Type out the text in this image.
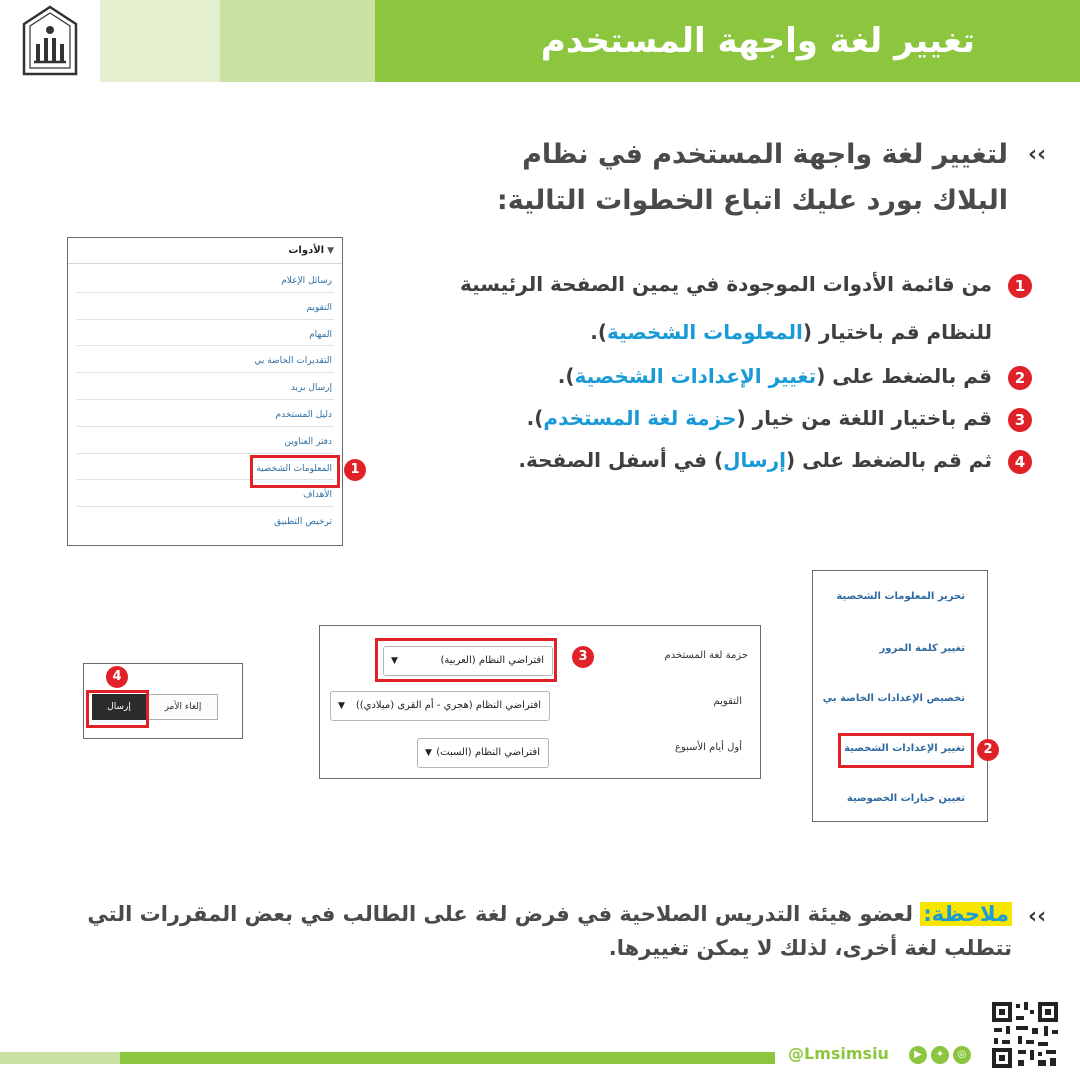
تغيير لغة واجهة المستخدم
‹‹
لتغيير لغة واجهة المستخدم في نظام
البلاك بورد عليك اتباع الخطوات التالية:
1
من قائمة الأدوات الموجودة في يمين الصفحة الرئيسية
للنظام قم باختيار (المعلومات الشخصية).
2
قم بالضغط على (تغيير الإعدادات الشخصية).
3
قم باختيار اللغة من خيار (حزمة لغة المستخدم).
4
ثم قم بالضغط على (إرسال) في أسفل الصفحة.
▼الأدوات
رسائل الإعلام
التقويم
المهام
التقديرات الخاصة بي
إرسال بريد
دليل المستخدم
دفتر العناوين
المعلومات الشخصية
الأهداف
ترخيص التطبيق
1
تحرير المعلومات الشخصية
تغيير كلمة المرور
تخصيص الإعدادات الخاصة بي
تغيير الإعدادات الشخصية
تعيين خيارات الخصوصية
2
حزمة لغة المستخدم
▼	افتراضي النظام (العربية)
التقويم
▼ افتراضي النظام (هجري - أم القرى (ميلادي))
أول أيام الأسبوع
▼ افتراضي النظام (السبت)
3
إلغاء الأمر
إرسال
4
‹‹
ملاحظة: لعضو هيئة التدريس الصلاحية في فرض لغة على الطالب في بعض المقررات التي تتطلب لغة أخرى، لذلك لا يمكن تغييرها.
@Lmsimsiu	▶	✦	◎
